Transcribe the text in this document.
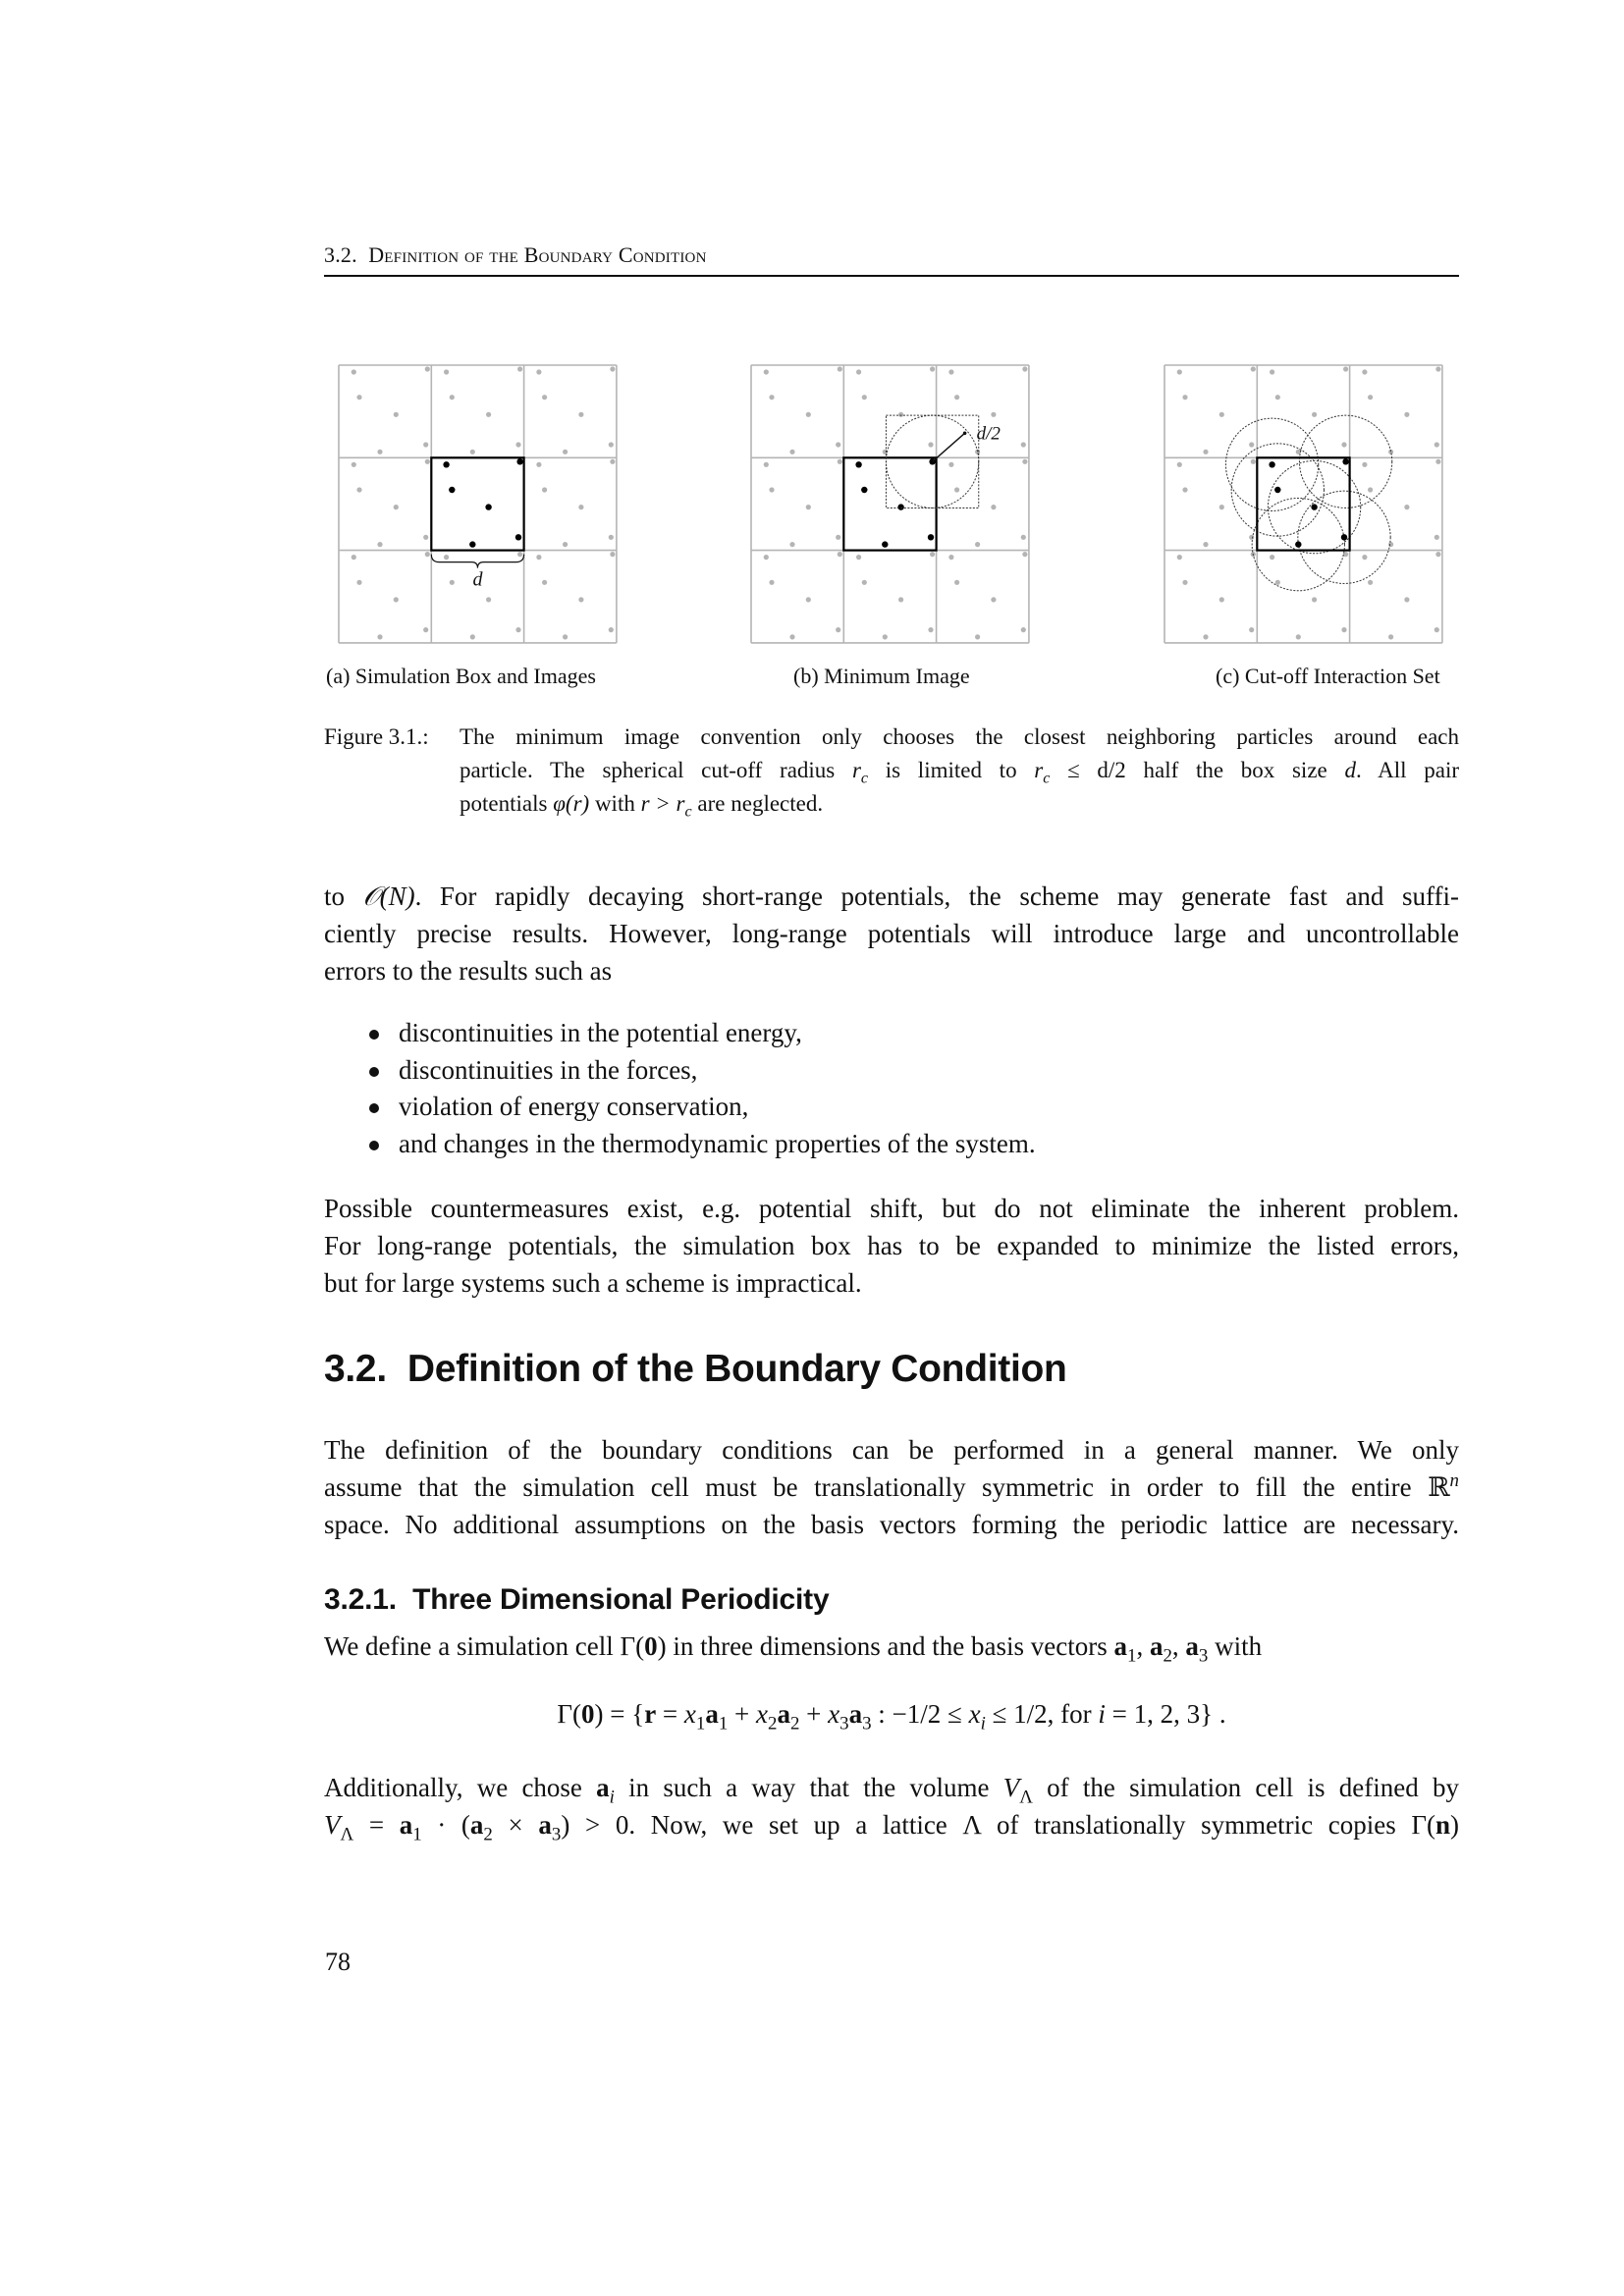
3.2. Definition of the Boundary Condition
d
d/2
(a) Simulation Box and Images	(b) Minimum Image	(c) Cut-off Interaction Set
Figure 3.1.: The minimum image convention only chooses the closest neighboring particles around each
particle. The spherical cut-off radius $r_c$ is limited to $r_c \le d/2$ half the box size d. All pair
potentials φ(r) with $r > r_c$ are neglected.
to 𝒪(N). For rapidly decaying short-range potentials, the scheme may generate fast and suffi-
ciently precise results. However, long-range potentials will introduce large and uncontrollable
errors to the results such as
discontinuities in the potential energy,
discontinuities in the forces,
violation of energy conservation,
and changes in the thermodynamic properties of the system.
Possible countermeasures exist, e.g. potential shift, but do not eliminate the inherent problem.
For long-range potentials, the simulation box has to be expanded to minimize the listed errors,
but for large systems such a scheme is impractical.
3.2.  Definition of the Boundary Condition
The definition of the boundary conditions can be performed in a general manner. We only
assume that the simulation cell must be translationally symmetric in order to fill the entire ℝ$^n$
space. No additional assumptions on the basis vectors forming the periodic lattice are necessary.
3.2.1.  Three Dimensional Periodicity
We define a simulation cell Γ(0) in three dimensions and the basis vectors $a_1$, $a_2$, $a_3$ with
$\Gamma(0) = \{r = x_1a_1 + x_2a_2 + x_3a_3$ : $-1/2 \le x_i \le 1/2$, for i = 1, 2, 3} .
Additionally, we chose $a_i$ in such a way that the volume $V_\Lambda$ of the simulation cell is defined by
$V_\Lambda = a_1 \cdot (a_2 \times a_3) > 0$. Now, we set up a lattice Λ of translationally symmetric copies Γ(n)
78
